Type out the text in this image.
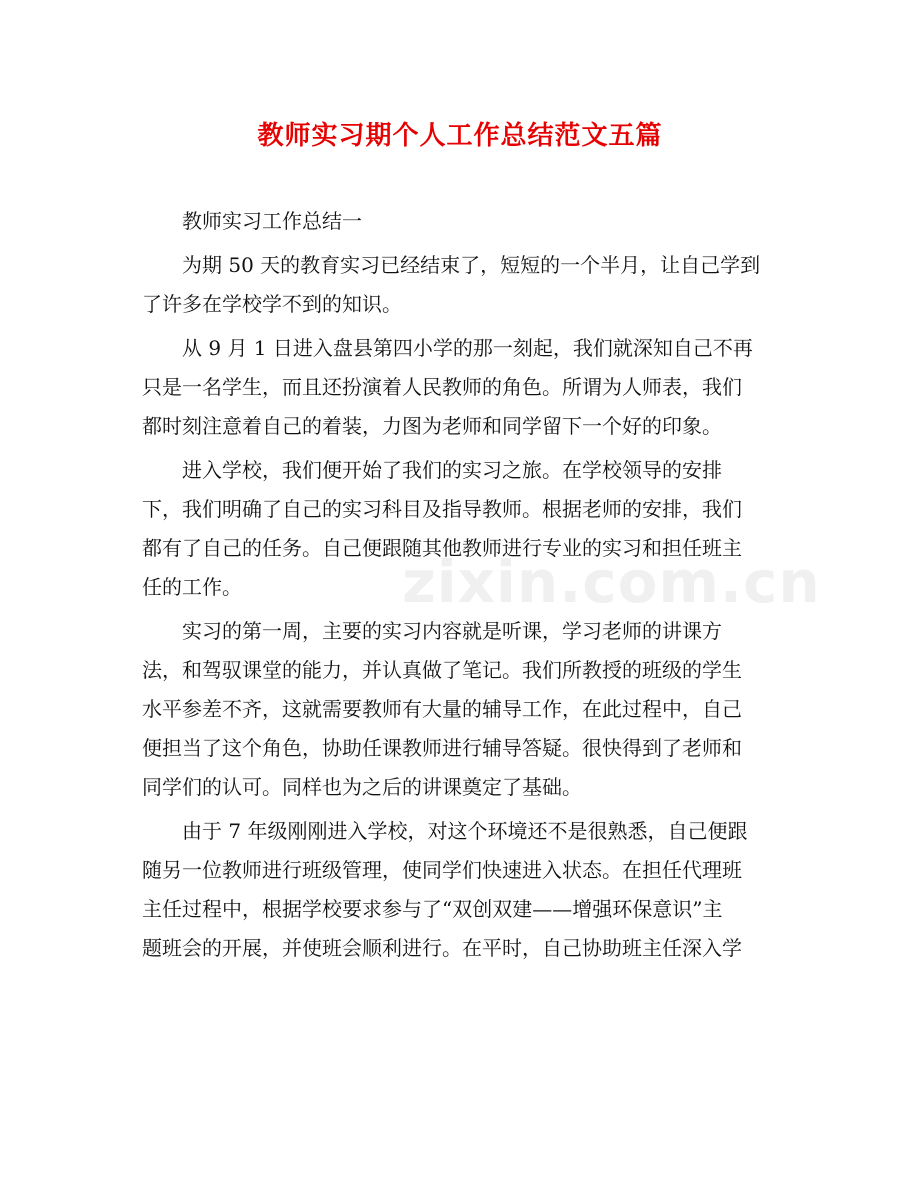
zixin.com.cn
教师实习期个人工作总结范文五篇

教师实习工作总结一

为期 50 天的教育实习已经结束了，短短的一个半月，让自己学到
了许多在学校学不到的知识。

从 9 月 1 日进入盘县第四小学的那一刻起，我们就深知自己不再
只是一名学生，而且还扮演着人民教师的角色。所谓为人师表，我们
都时刻注意着自己的着装，力图为老师和同学留下一个好的印象。

进入学校，我们便开始了我们的实习之旅。在学校领导的安排
下，我们明确了自己的实习科目及指导教师。根据老师的安排，我们
都有了自己的任务。自己便跟随其他教师进行专业的实习和担任班主
任的工作。

实习的第一周，主要的实习内容就是听课，学习老师的讲课方
法，和驾驭课堂的能力，并认真做了笔记。我们所教授的班级的学生
水平参差不齐，这就需要教师有大量的辅导工作，在此过程中，自己
便担当了这个角色，协助任课教师进行辅导答疑。很快得到了老师和
同学们的认可。同样也为之后的讲课奠定了基础。

由于 7 年级刚刚进入学校，对这个环境还不是很熟悉，自己便跟
随另一位教师进行班级管理，使同学们快速进入状态。在担任代理班
主任过程中，根据学校要求参与了“双创双建——增强环保意识”主
题班会的开展，并使班会顺利进行。在平时，自己协助班主任深入学
